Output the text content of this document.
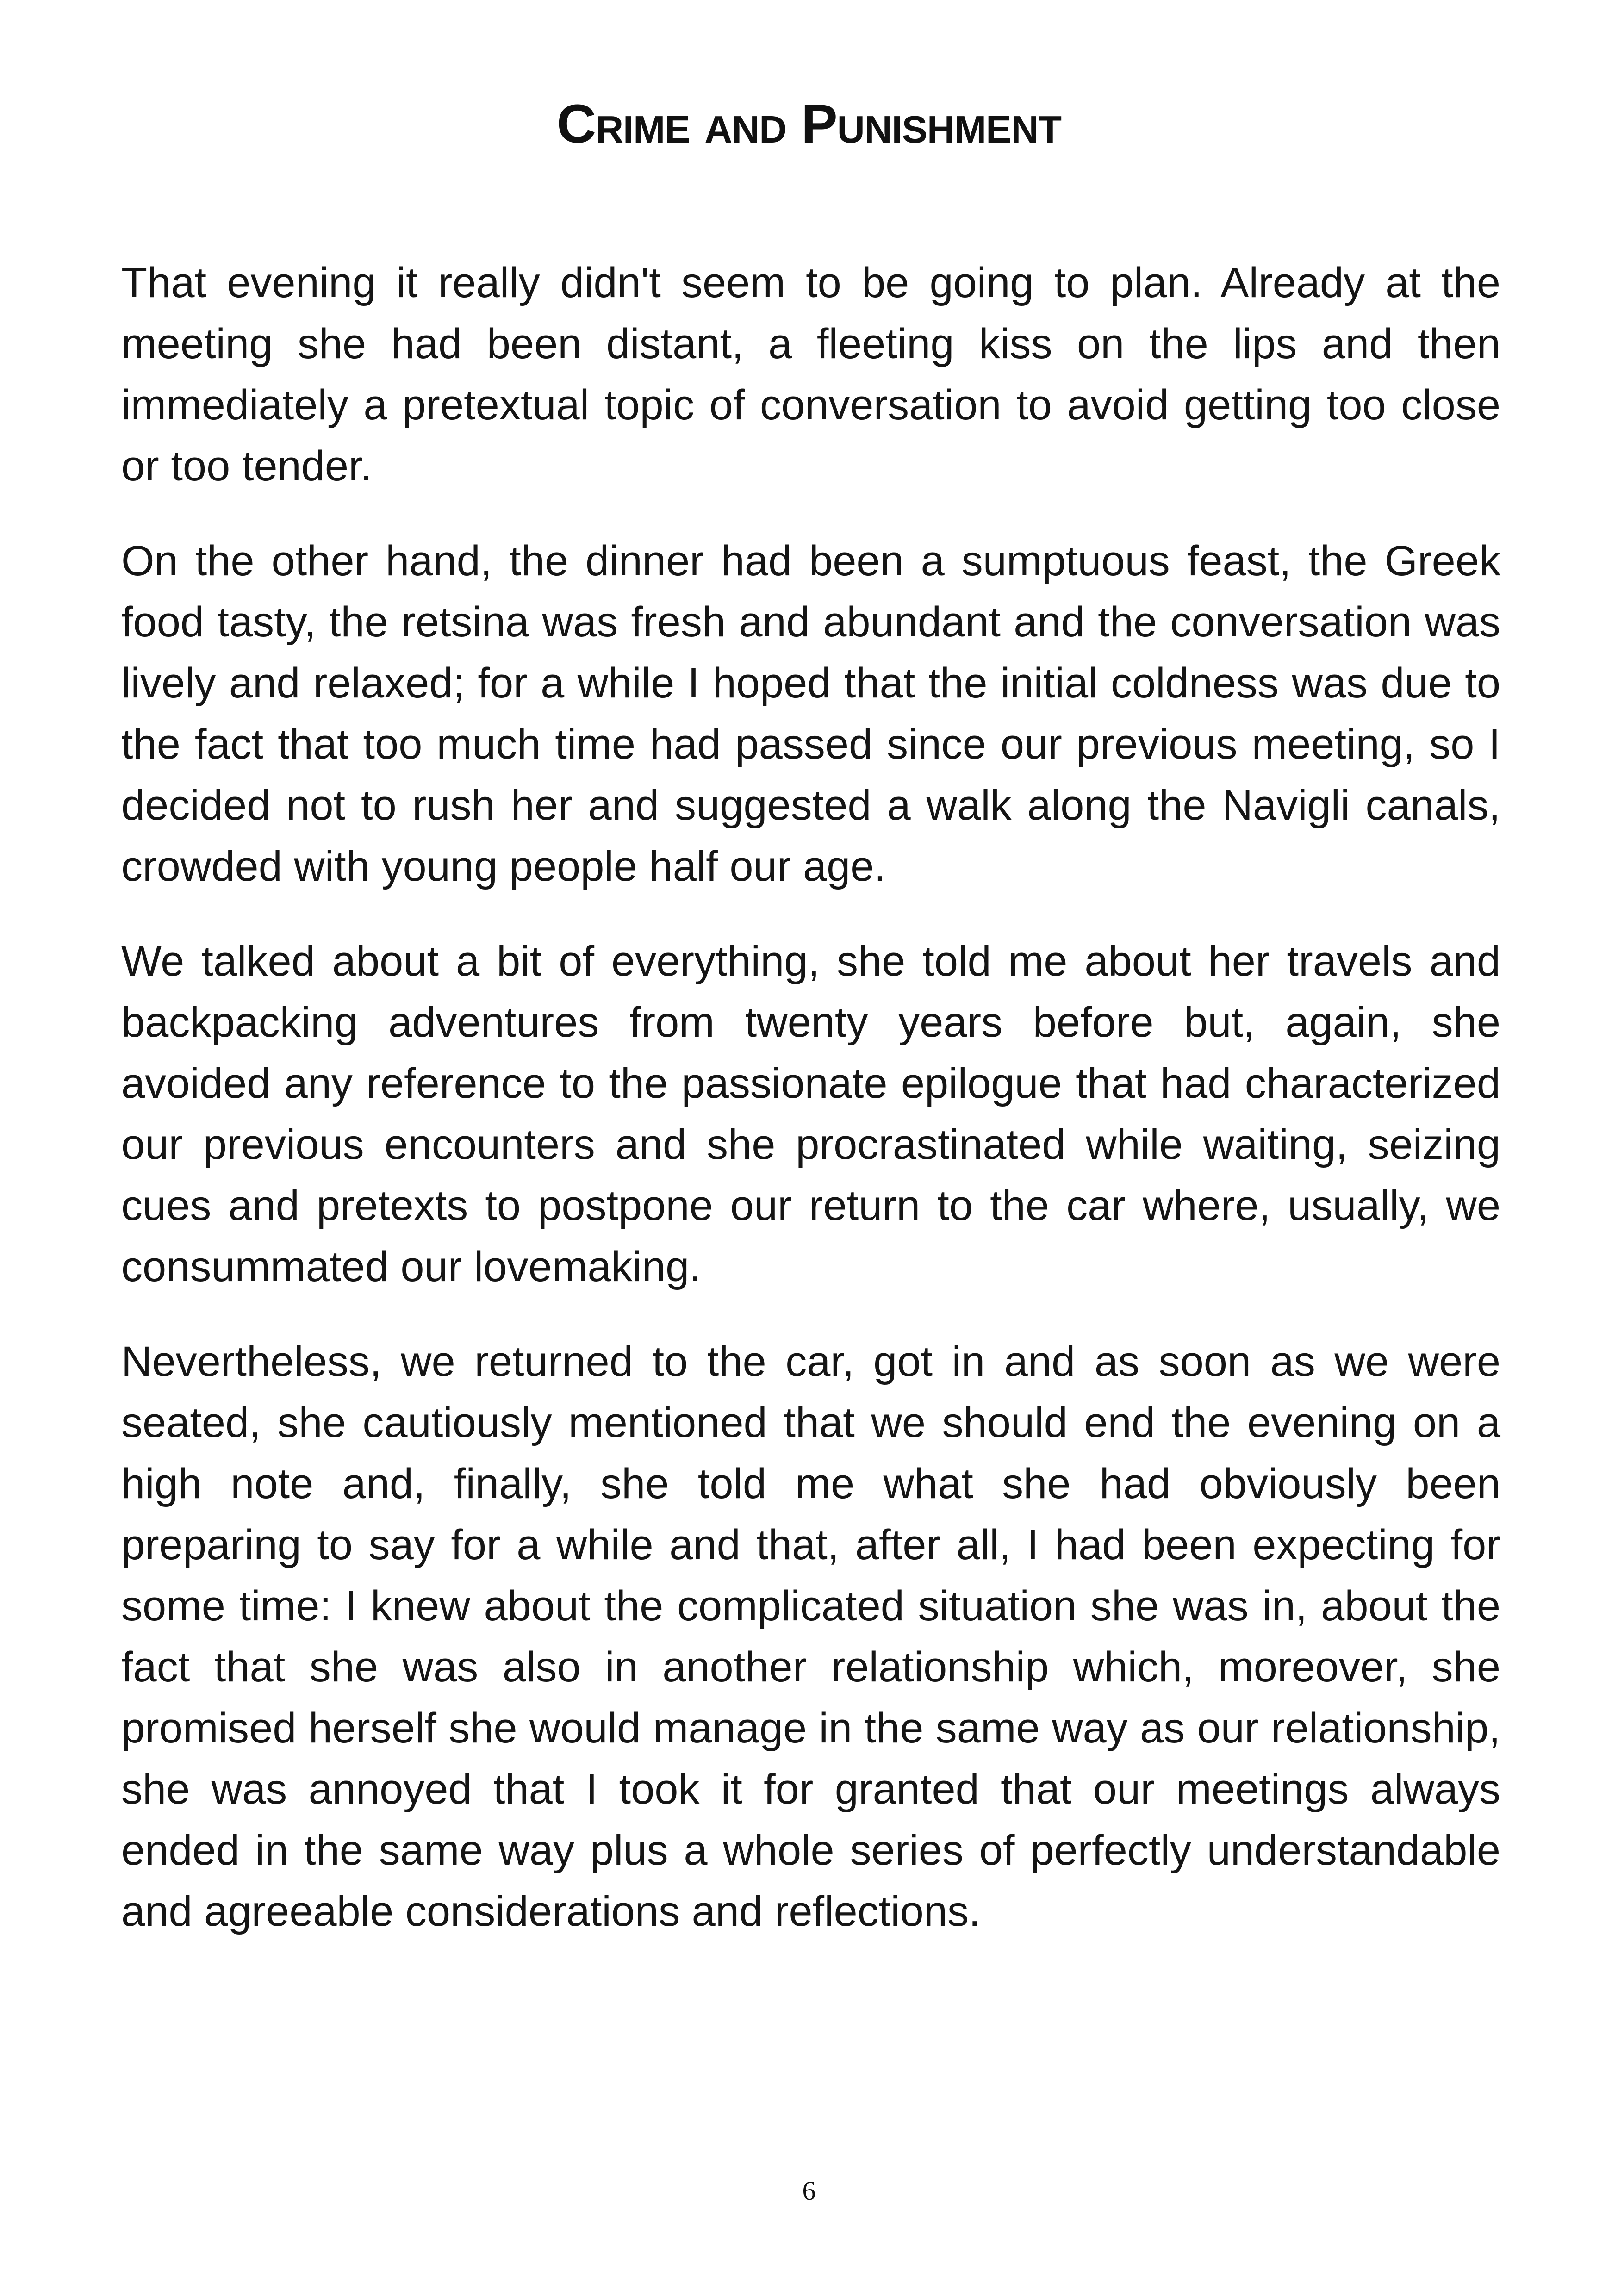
Crime and Punishment

That evening it really didn't seem to be going to plan. Already at the meeting she had been distant, a fleeting kiss on the lips and then immediately a pretextual topic of conversation to avoid getting too close or too tender.

On the other hand, the dinner had been a sumptuous feast, the Greek food tasty, the retsina was fresh and abundant and the conversation was lively and relaxed; for a while I hoped that the initial coldness was due to the fact that too much time had passed since our previous meeting, so I decided not to rush her and suggested a walk along the Navigli canals, crowded with young people half our age.

We talked about a bit of everything, she told me about her travels and backpacking adventures from twenty years before but, again, she avoided any reference to the passionate epilogue that had characterized our previous encounters and she procrastinated while waiting, seizing cues and pretexts to postpone our return to the car where, usually, we consummated our lovemaking.

Nevertheless, we returned to the car, got in and as soon as we were seated, she cautiously mentioned that we should end the evening on a high note and, finally, she told me what she had obviously been preparing to say for a while and that, after all, I had been expecting for some time: I knew about the complicated situation she was in, about the fact that she was also in another relationship which, moreover, she promised herself she would manage in the same way as our relationship, she was annoyed that I took it for granted that our meetings always ended in the same way plus a whole series of perfectly understandable and agreeable considerations and reflections.

6
